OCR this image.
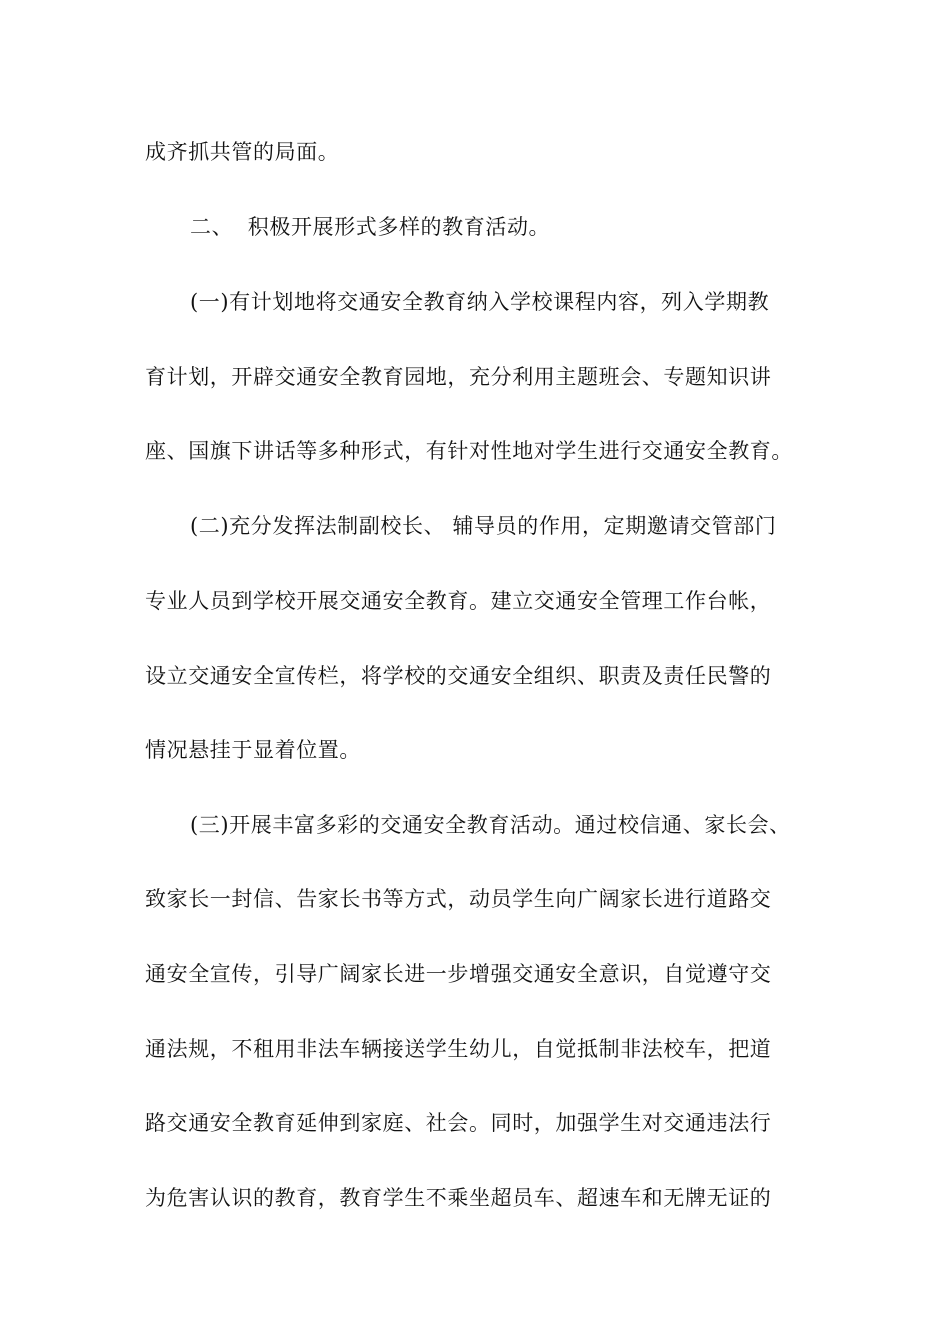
成齐抓共管的局面。
二、  积极开展形式多样的教育活动。
(一)有计划地将交通安全教育纳入学校课程内容，列入学期教
育计划，开辟交通安全教育园地，充分利用主题班会、专题知识讲
座、国旗下讲话等多种形式，有针对性地对学生进行交通安全教育。
(二)充分发挥法制副校长、 辅导员的作用，定期邀请交管部门
专业人员到学校开展交通安全教育。建立交通安全管理工作台帐，
设立交通安全宣传栏，将学校的交通安全组织、职责及责任民警的
情况悬挂于显着位置。
(三)开展丰富多彩的交通安全教育活动。通过校信通、家长会、
致家长一封信、告家长书等方式，动员学生向广阔家长进行道路交
通安全宣传，引导广阔家长进一步增强交通安全意识，自觉遵守交
通法规，不租用非法车辆接送学生幼儿，自觉抵制非法校车，把道
路交通安全教育延伸到家庭、社会。同时，加强学生对交通违法行
为危害认识的教育，教育学生不乘坐超员车、超速车和无牌无证的
